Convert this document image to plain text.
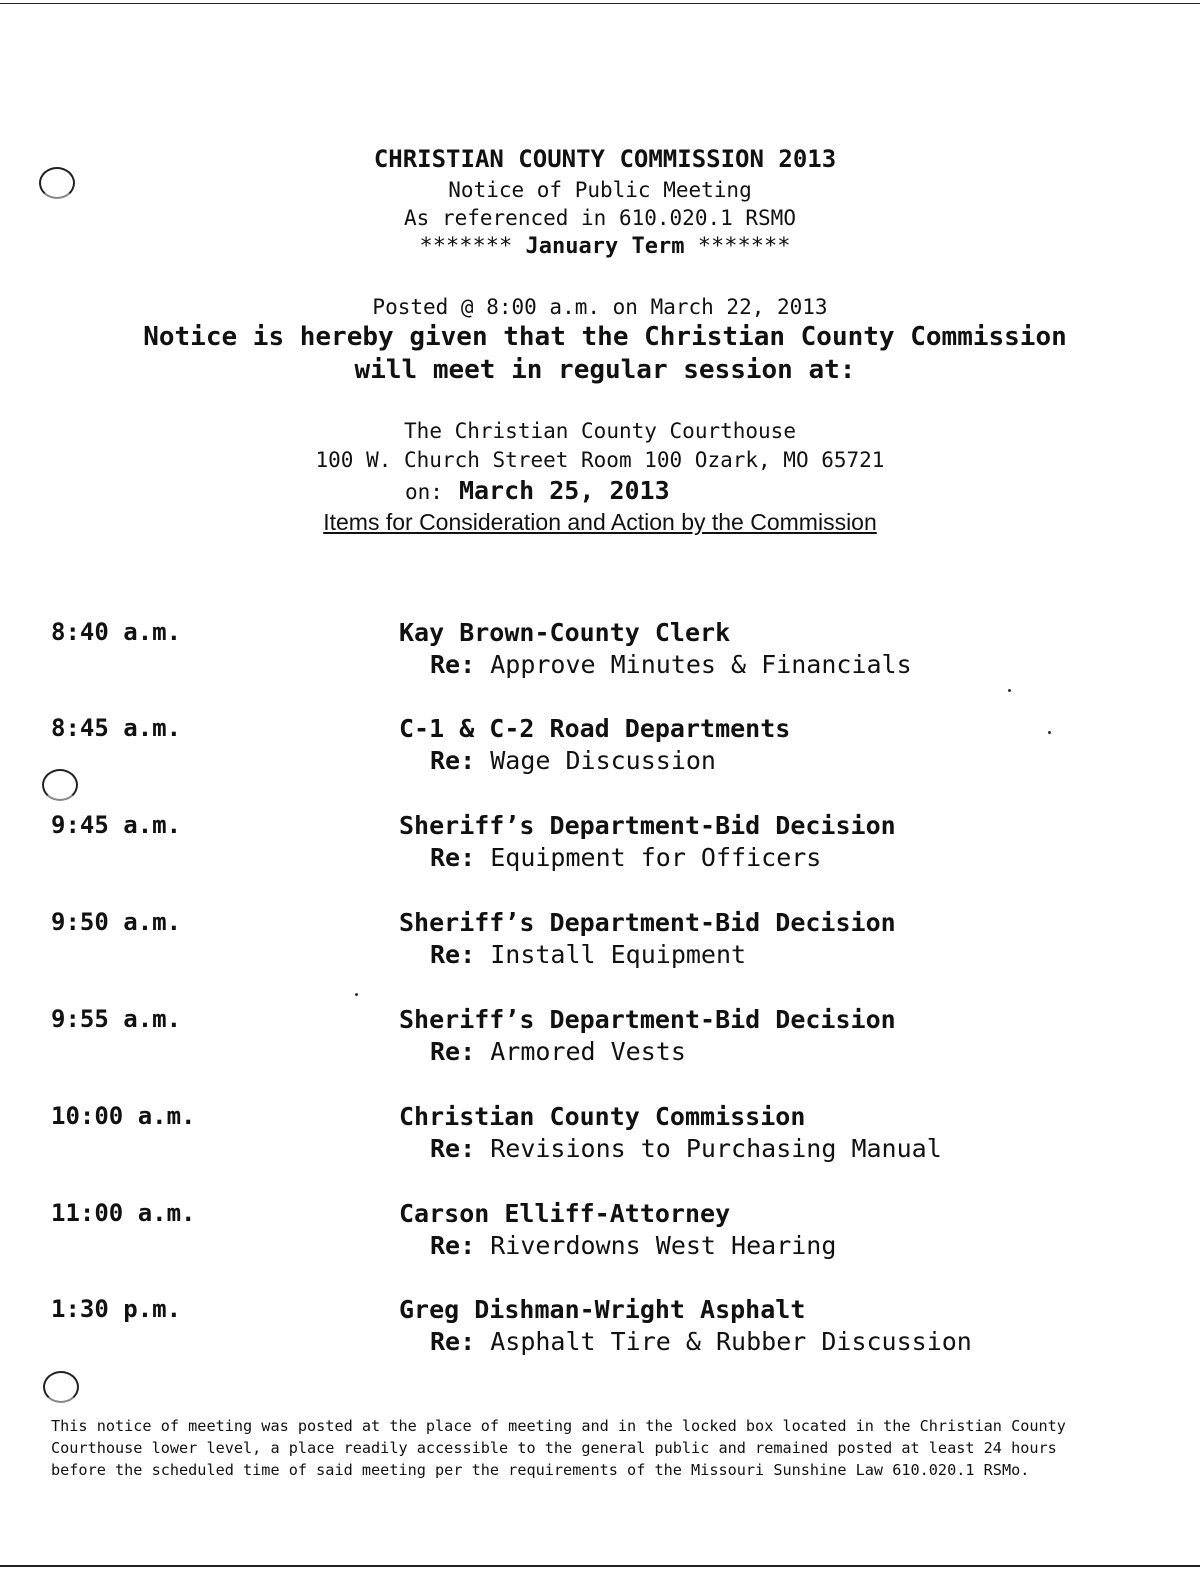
CHRISTIAN COUNTY COMMISSION 2013
Notice of Public Meeting
As referenced in 610.020.1 RSMO
******* January Term *******
Posted @ 8:00 a.m. on March 22, 2013
Notice is hereby given that the Christian County Commission
will meet in regular session at:
The Christian County Courthouse
100 W. Church Street Room 100 Ozark, MO 65721
on: March 25, 2013
Items for Consideration and Action by the Commission
8:40 a.m.	Kay Brown-County Clerk
Re: Approve Minutes & Financials
8:45 a.m.	C-1 & C-2 Road Departments
Re: Wage Discussion
9:45 a.m.	Sheriff’s Department-Bid Decision
Re: Equipment for Officers
9:50 a.m.	Sheriff’s Department-Bid Decision
Re: Install Equipment
9:55 a.m.	Sheriff’s Department-Bid Decision
Re: Armored Vests
10:00 a.m.	Christian County Commission
Re: Revisions to Purchasing Manual
11:00 a.m.	Carson Elliff-Attorney
Re: Riverdowns West Hearing
1:30 p.m.	Greg Dishman-Wright Asphalt
Re: Asphalt Tire & Rubber Discussion
This notice of meeting was posted at the place of meeting and in the locked box located in the Christian County
Courthouse lower level, a place readily accessible to the general public and remained posted at least 24 hours
before the scheduled time of said meeting per the requirements of the Missouri Sunshine Law 610.020.1 RSMo.
